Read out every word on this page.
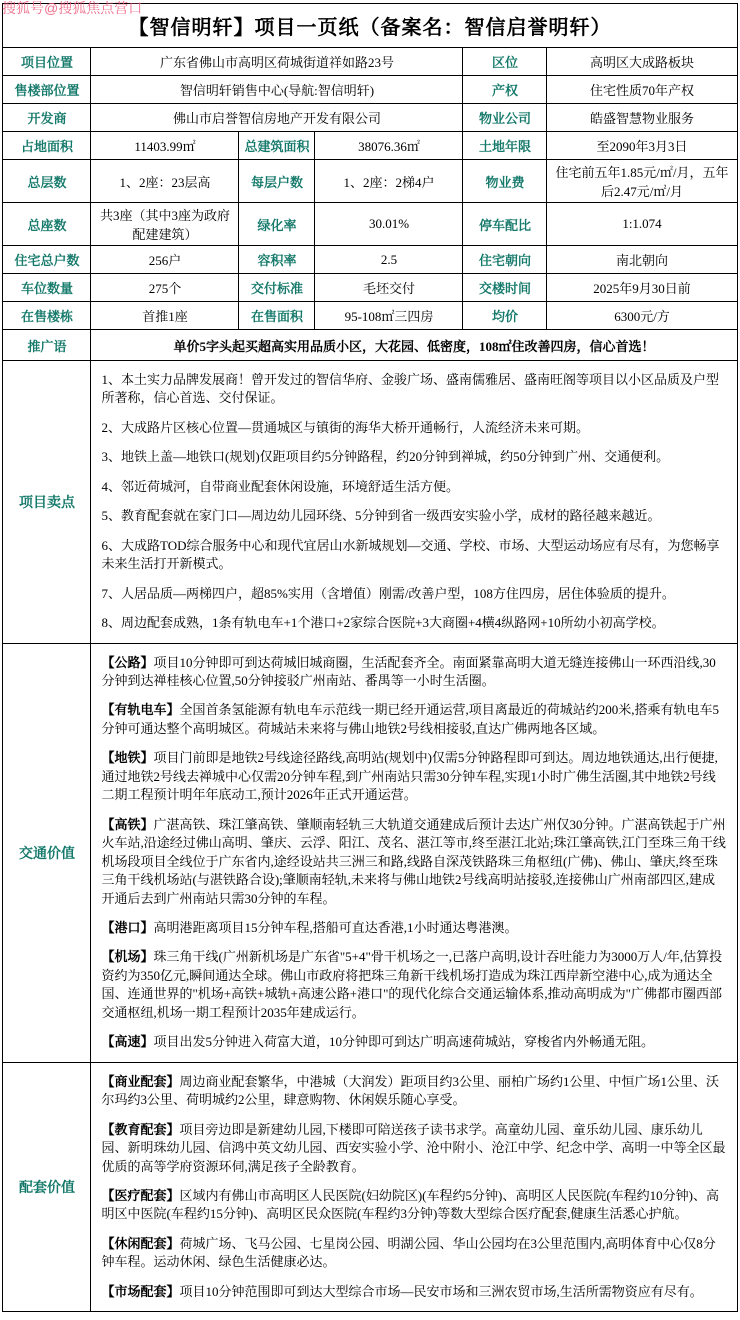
搜狐号@搜狐焦点营口
【智信明轩】项目一页纸（备案名：智信启誉明轩）					
项目位置	广东省佛山市高明区荷城街道祥如路23号			区位	高明区大成路板块
售楼部位置	智信明轩销售中心(导航:智信明轩)			产权	住宅性质70年产权
开发商	佛山市启誉智信房地产开发有限公司			物业公司	皓盛智慧物业服务
占地面积	11403.99㎡	总建筑面积	38076.36㎡	土地年限	至2090年3月3日
总层数	1、2座：23层高	每层户数	1、2座：2梯4户	物业费	住宅前五年1.85元/㎡/月，五年后2.47元/㎡/月
总座数	共3座（其中3座为政府配建建筑）	绿化率	30.01%	停车配比	1:1.074
住宅总户数	256户	容积率	2.5	住宅朝向	南北朝向
车位数量	275个	交付标准	毛坯交付	交楼时间	2025年9月30日前
在售楼栋	首推1座	在售面积	95-108㎡三四房	均价	6300元/方
推广语	单价5字头起买超高实用品质小区，大花园、低密度，108㎡住改善四房，信心首选！				
项目卖点	
1、本土实力品牌发展商！曾开发过的智信华府、金骏广场、盛南儒雅居、盛南旺阁等项目以小区品质及户型所著称，信心首选、交付保证。
2、大成路片区核心位置—贯通城区与镇街的海华大桥开通畅行，人流经济未来可期。
3、地铁上盖—地铁口(规划)仅距项目约5分钟路程，约20分钟到禅城，约50分钟到广州、交通便利。
4、邻近荷城河，自带商业配套休闲设施，环境舒适生活方便。
5、教育配套就在家门口—周边幼儿园环绕、5分钟到省一级西安实验小学，成材的路径越来越近。
6、大成路TOD综合服务中心和现代宜居山水新城规划—交通、学校、市场、大型运动场应有尽有，为您畅享未来生活打开新模式。
7、人居品质—两梯四户，超85%实用（含增值）刚需/改善户型，108方住四房，居住体验质的提升。
8、周边配套成熟，1条有轨电车+1个港口+2家综合医院+3大商圈+4横4纵路网+10所幼小初高学校。

交通价值	
【公路】项目10分钟即可到达荷城旧城商圈，生活配套齐全。南面紧靠高明大道无缝连接佛山一环西沿线,30分钟到达禅桂核心位置,50分钟接驳广州南站、番禺等一小时生活圈。
【有轨电车】全国首条氢能源有轨电车示范线一期已经开通运营,项目离最近的荷城站约200米,搭乘有轨电车5分钟可通达整个高明城区。荷城站未来将与佛山地铁2号线相接驳,直达广佛两地各区域。
【地铁】项目门前即是地铁2号线途径路线,高明站(规划中)仅需5分钟路程即可到达。周边地铁通达,出行便捷,通过地铁2号线去禅城中心仅需20分钟车程,到广州南站只需30分钟车程,实现1小时广佛生活圈,其中地铁2号线二期工程预计明年年底动工,预计2026年正式开通运营。
【高铁】广湛高铁、珠江肇高铁、肇顺南轻轨三大轨道交通建成后预计去达广州仅30分钟。广湛高铁起于广州火车站,沿途经过佛山高明、肇庆、云浮、阳江、茂名、湛江等市,终至湛江北站;珠江肇高铁,江门至珠三角干线机场段项目全线位于广东省内,途经设站共三洲三和路,线路自深茂铁路珠三角枢纽(广佛)、佛山、肇庆,终至珠三角干线机场站(与湛铁路合设);肇顺南轻轨,未来将与佛山地铁2号线高明站接驳,连接佛山广州南部四区,建成开通后去到广州南站只需30分钟的车程。
【港口】高明港距离项目15分钟车程,搭船可直达香港,1小时通达粤港澳。
【机场】珠三角干线(广州新机场是广东省"5+4"骨干机场之一,已落户高明,设计吞吐能力为3000万人/年,估算投资约为350亿元,瞬间通达全球。佛山市政府将把珠三角新干线机场打造成为珠江西岸新空港中心,成为通达全国、连通世界的"机场+高铁+城轨+高速公路+港口"的现代化综合交通运输体系,推动高明成为"广佛都市圈西部交通枢纽,机场一期工程预计2035年建成运行。
【高速】项目出发5分钟进入荷富大道，10分钟即可到达广明高速荷城站，穿梭省内外畅通无阻。

配套价值	【商业配套】周边商业配套繁华，中港城（大润发）距项目约3公里、丽柏广场约1公里、中恒广场1公里、沃尔玛约3公里、荷明城约2公里，肆意购物、休闲娱乐随心享受。
【教育配套】项目旁边即是新建幼儿园,下楼即可陪送孩子读书求学。高童幼儿园、童乐幼儿园、康乐幼儿园、新明珠幼儿园、信鸿中英文幼儿园、西安实验小学、沧中附小、沧江中学、纪念中学、高明一中等全区最优质的高等学府资源环伺,满足孩子全龄教育。
【医疗配套】区域内有佛山市高明区人民医院(妇幼院区)(车程约5分钟)、高明区人民医院(车程约10分钟)、高明区中医院(车程约15分钟)、高明区民众医院(车程约3分钟)等数大型综合医疗配套,健康生活悉心护航。
【休闲配套】荷城广场、飞马公园、七星岗公园、明湖公园、华山公园均在3公里范围内,高明体育中心仅8分钟车程。运动休闲、绿色生活健康必达。
【市场配套】项目10分钟范围即可到达大型综合市场—民安市场和三洲农贸市场,生活所需物资应有尽有。				
